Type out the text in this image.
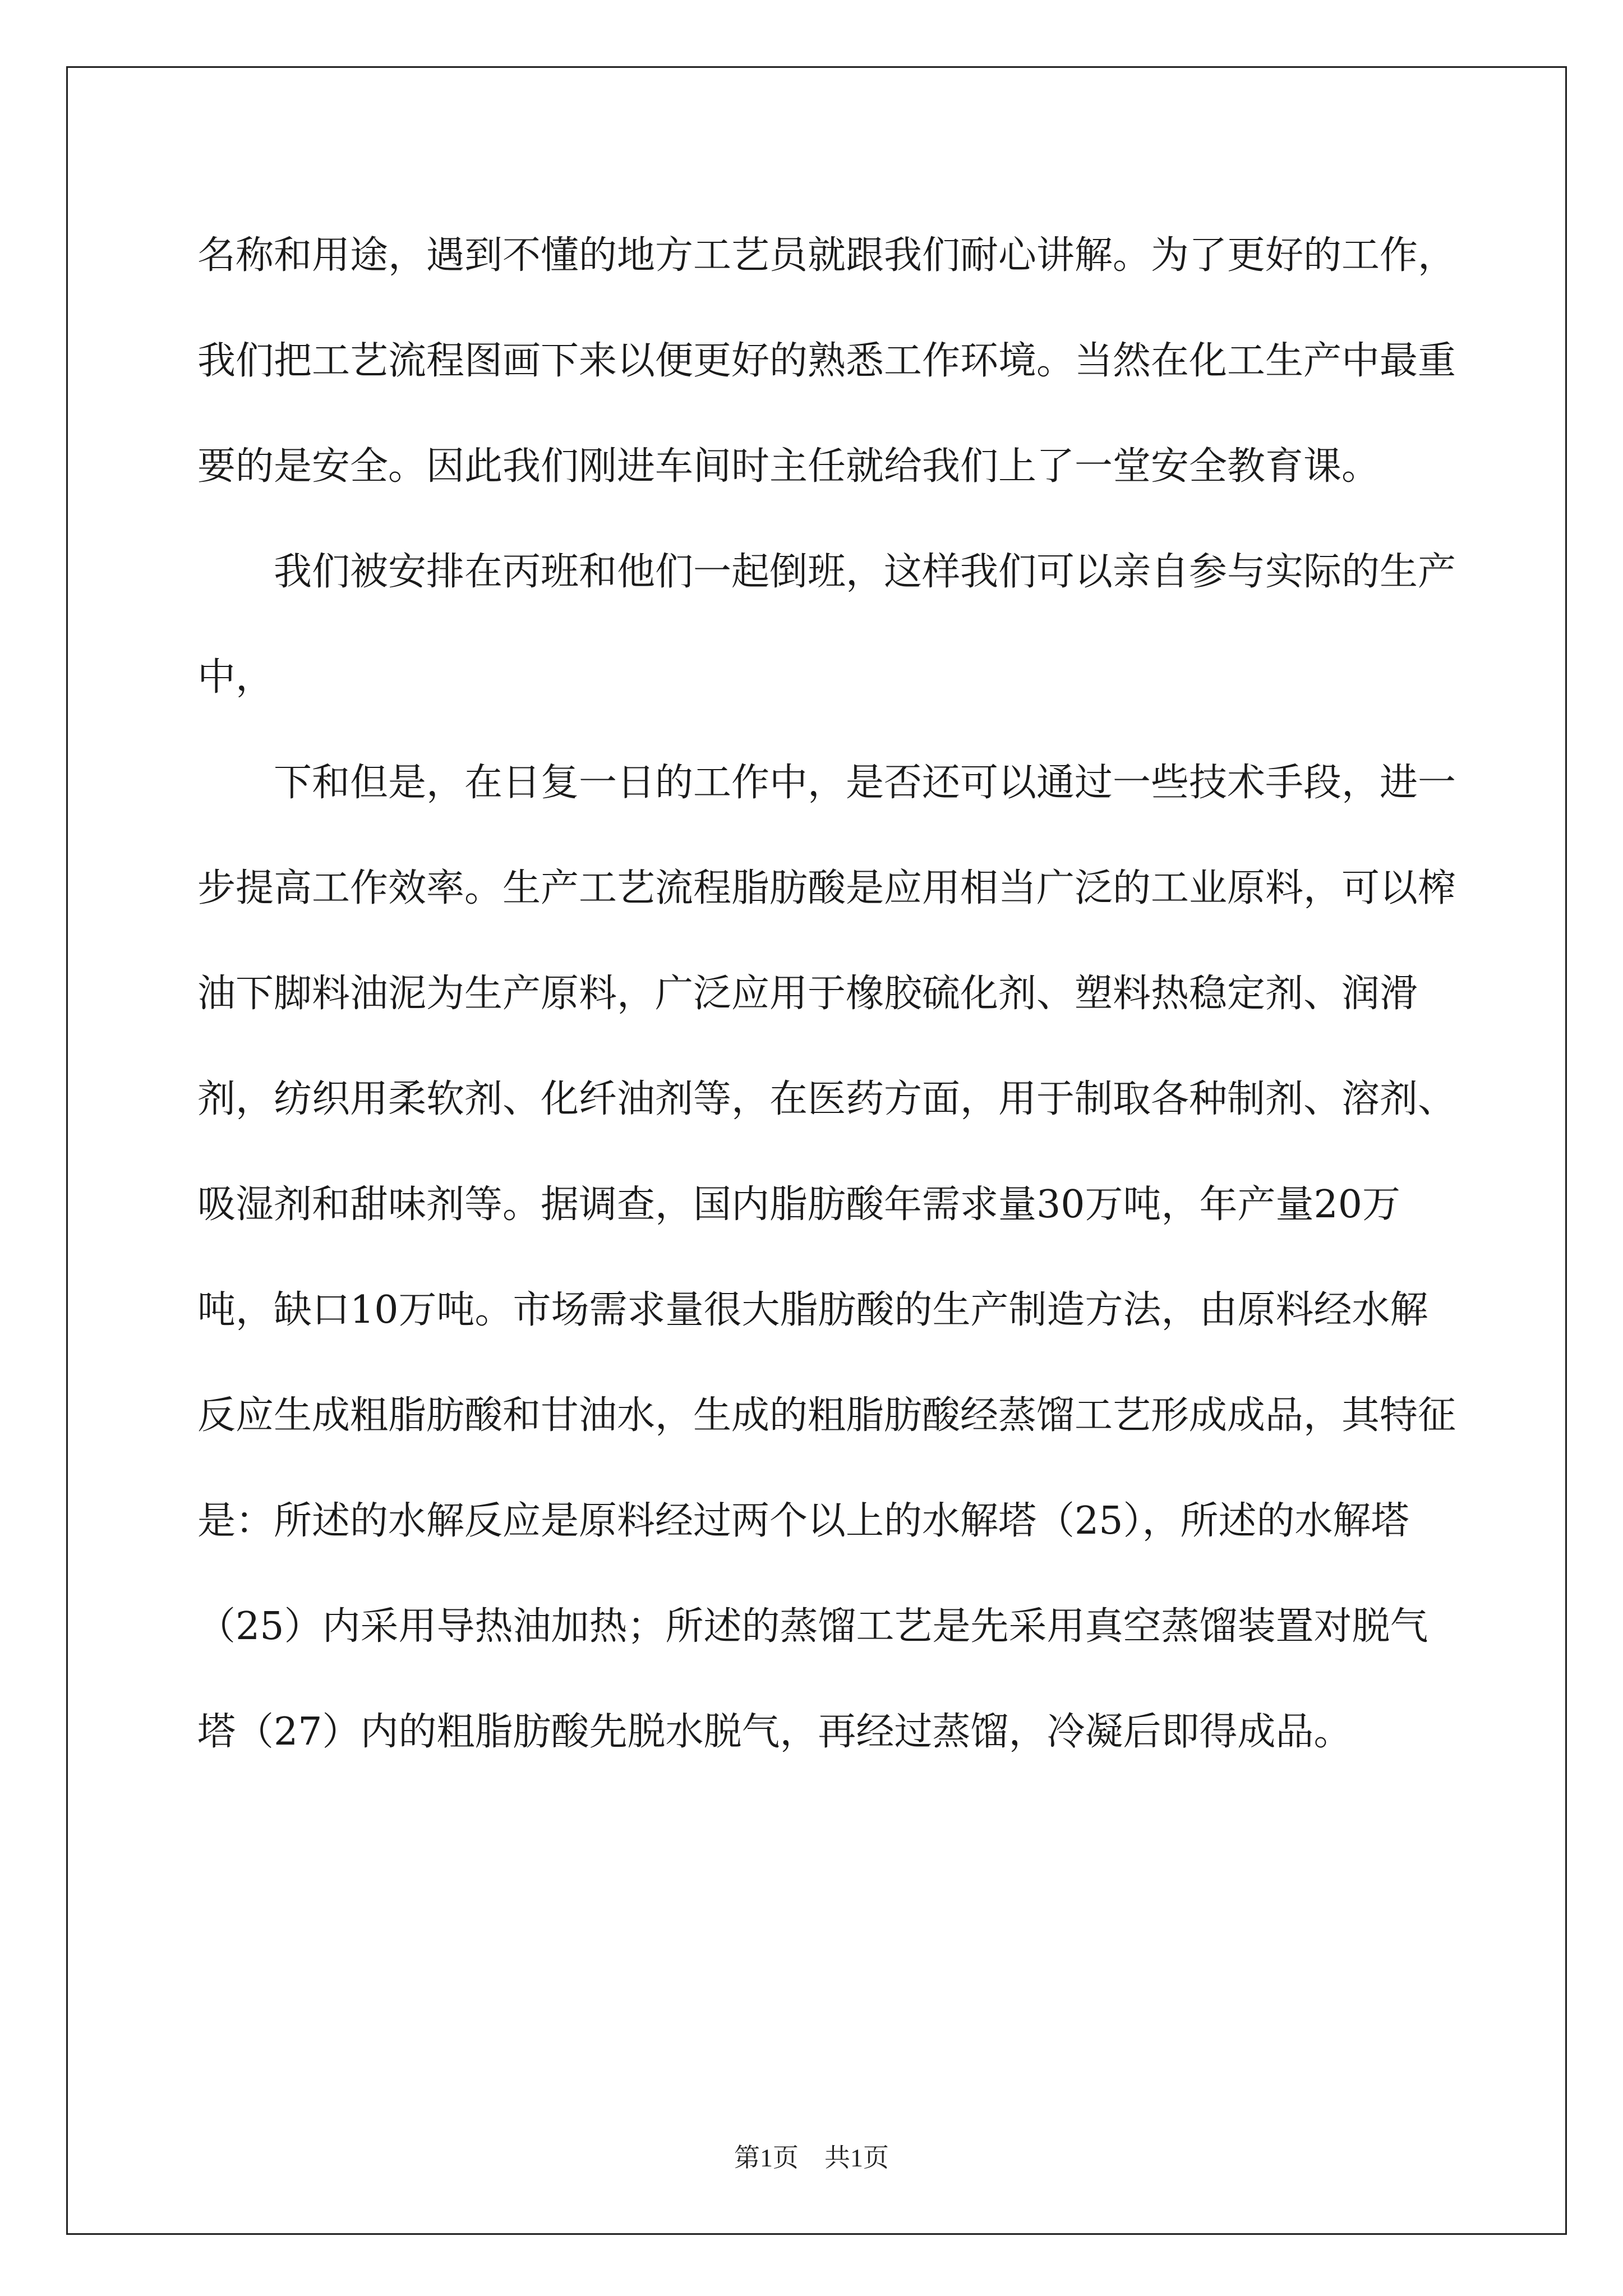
名称和用途，遇到不懂的地方工艺员就跟我们耐心讲解。为了更好的工作，我们把工艺流程图画下来以便更好的熟悉工作环境。当然在化工生产中最重要的是安全。因此我们刚进车间时主任就给我们上了一堂安全教育课。

我们被安排在丙班和他们一起倒班，这样我们可以亲自参与实际的生产中，

下和但是，在日复一日的工作中，是否还可以通过一些技术手段，进一步提高工作效率。生产工艺流程脂肪酸是应用相当广泛的工业原料，可以榨油下脚料油泥为生产原料，广泛应用于橡胶硫化剂、塑料热稳定剂、润滑剂，纺织用柔软剂、化纤油剂等，在医药方面，用于制取各种制剂、溶剂、吸湿剂和甜味剂等。据调查，国内脂肪酸年需求量30万吨，年产量20万吨，缺口10万吨。市场需求量很大脂肪酸的生产制造方法，由原料经水解反应生成粗脂肪酸和甘油水，生成的粗脂肪酸经蒸馏工艺形成成品，其特征是：所述的水解反应是原料经过两个以上的水解塔（25），所述的水解塔（25）内采用导热油加热；所述的蒸馏工艺是先采用真空蒸馏装置对脱气塔（27）内的粗脂肪酸先脱水脱气，再经过蒸馏，冷凝后即得成品。

第1页　共1页
